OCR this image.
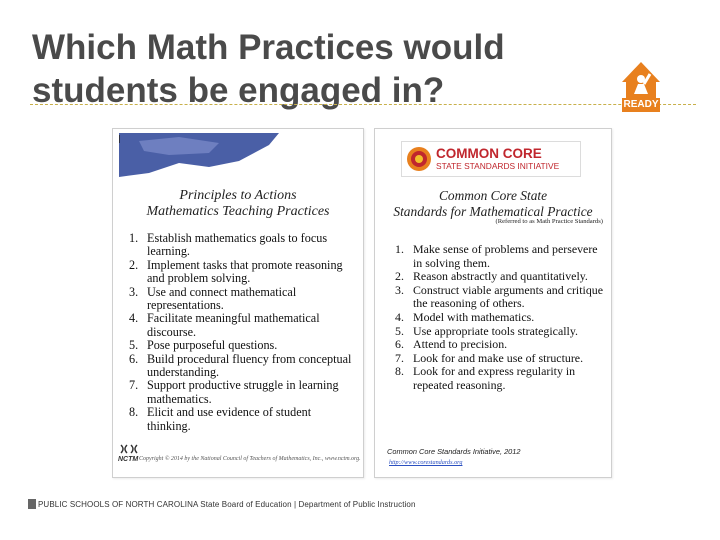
Which Math Practices would students be engaged in?	READY
Principles to Actions
Mathematics Teaching Practices
1. Establish mathematics goals to focus learning.
2. Implement tasks that promote reasoning and problem solving.
3. Use and connect mathematical representations.
4. Facilitate meaningful mathematical discourse.
5. Pose purposeful questions.
6. Build procedural fluency from conceptual understanding.
7. Support productive struggle in learning mathematics.
8. Elicit and use evidence of student thinking.
NCTM Copyright © 2014 by the National Council of Teachers of Mathematics, Inc., www.nctm.org.
COMMON CORE
STATE STANDARDS INITIATIVE
Common Core State
Standards for Mathematical Practice
(Referred to as Math Practice Standards)
1. Make sense of problems and persevere in solving them.
2. Reason abstractly and quantitatively.
3. Construct viable arguments and critique the reasoning of others.
4. Model with mathematics.
5. Use appropriate tools strategically.
6. Attend to precision.
7. Look for and make use of structure.
8. Look for and express regularity in repeated reasoning.
Common Core Standards Initiative, 2012
http://www.corestandards.org
PUBLIC SCHOOLS OF NORTH CAROLINA State Board of Education | Department of Public Instruction
